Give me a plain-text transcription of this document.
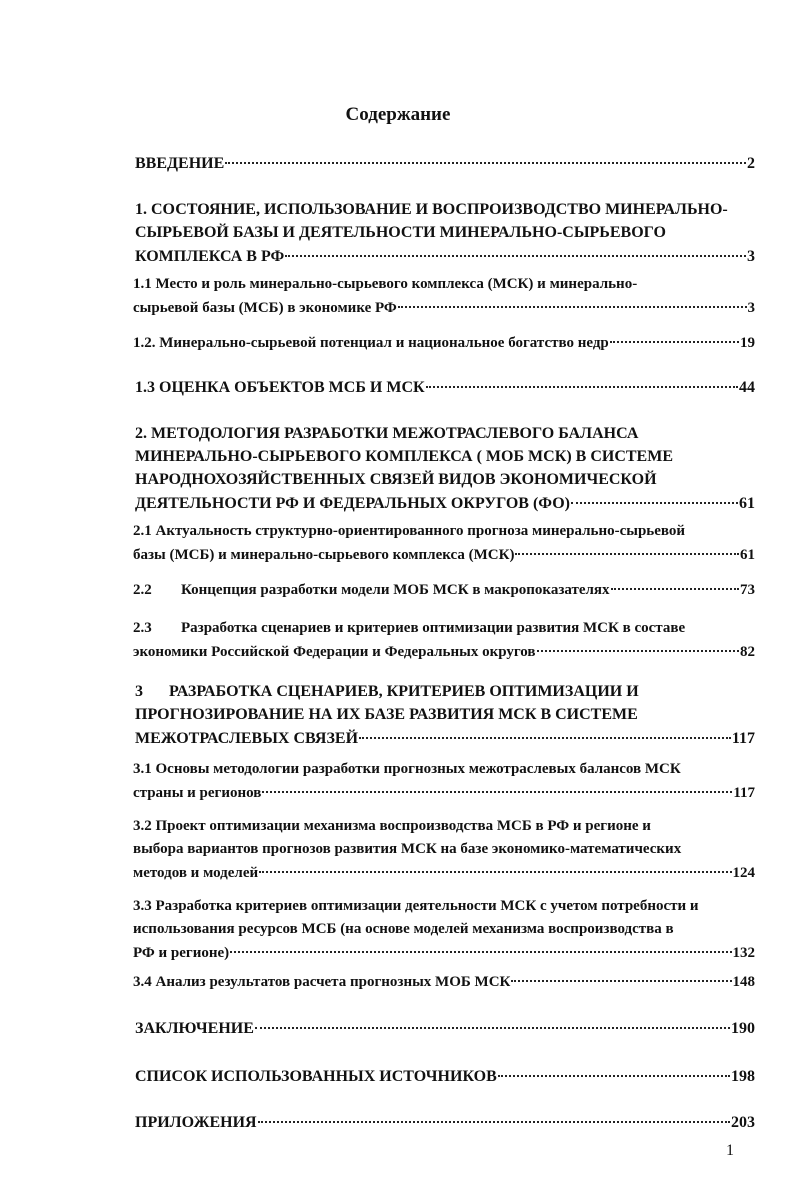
Содержание
ВВЕДЕНИЕ	2
1. СОСТОЯНИЕ, ИСПОЛЬЗОВАНИЕ И ВОСПРОИЗВОДСТВО МИНЕРАЛЬНО-
СЫРЬЕВОЙ БАЗЫ И ДЕЯТЕЛЬНОСТИ МИНЕРАЛЬНО-СЫРЬЕВОГО
КОМПЛЕКСА В РФ	3
1.1 Место и роль минерально-сырьевого комплекса (МСК) и минерально-
сырьевой базы (МСБ) в экономике РФ	3
1.2. Минерально-сырьевой потенциал и национальное богатство недр	19
1.3 ОЦЕНКА ОБЪЕКТОВ МСБ И МСК	44
2. МЕТОДОЛОГИЯ РАЗРАБОТКИ МЕЖОТРАСЛЕВОГО БАЛАНСА
МИНЕРАЛЬНО-СЫРЬЕВОГО КОМПЛЕКСА ( МОБ МСК) В СИСТЕМЕ
НАРОДНОХОЗЯЙСТВЕННЫХ СВЯЗЕЙ ВИДОВ ЭКОНОМИЧЕСКОЙ
ДЕЯТЕЛЬНОСТИ РФ И ФЕДЕРАЛЬНЫХ ОКРУГОВ (ФО)	61
2.1 Актуальность структурно-ориентированного прогноза минерально-сырьевой
базы (МСБ) и минерально-сырьевого комплекса (МСК)	61
2.2	Концепция разработки модели МОБ МСК в макропоказателях	73
2.3 Разработка сценариев и критериев оптимизации развития МСК в составе
экономики Российской Федерации и Федеральных округов	82
3 РАЗРАБОТКА СЦЕНАРИЕВ, КРИТЕРИЕВ ОПТИМИЗАЦИИ И
ПРОГНОЗИРОВАНИЕ НА ИХ БАЗЕ РАЗВИТИЯ МСК В СИСТЕМЕ
МЕЖОТРАСЛЕВЫХ СВЯЗЕЙ	117
3.1 Основы методологии разработки прогнозных межотраслевых балансов МСК
страны и регионов	117
3.2 Проект оптимизации механизма воспроизводства МСБ в РФ и регионе и
выбора вариантов прогнозов развития МСК на базе экономико-математических
методов и моделей	124
3.3 Разработка критериев оптимизации деятельности МСК с учетом потребности и
использования ресурсов МСБ (на основе моделей механизма воспроизводства в
РФ и регионе)	132
3.4 Анализ результатов расчета прогнозных МОБ МСК	148
ЗАКЛЮЧЕНИЕ	190
СПИСОК ИСПОЛЬЗОВАННЫХ ИСТОЧНИКОВ	198
ПРИЛОЖЕНИЯ	203
1
